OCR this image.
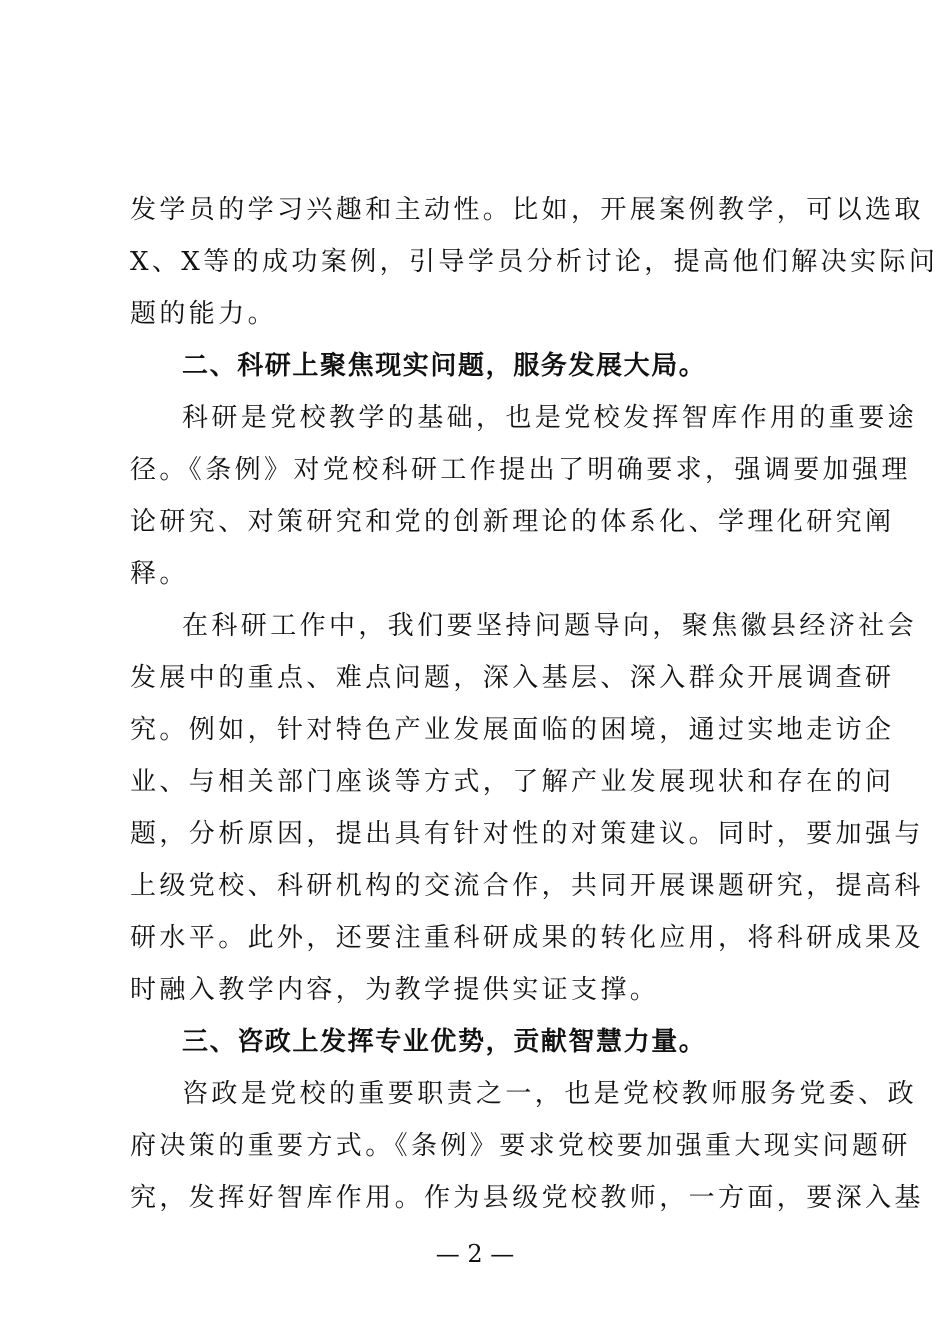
发学员的学习兴趣和主动性。比如，开展案例教学，可以选取
X、X等的成功案例，引导学员分析讨论，提高他们解决实际问
题的能力。
二、科研上聚焦现实问题，服务发展大局。
科研是党校教学的基础，也是党校发挥智库作用的重要途
径。《条例》对党校科研工作提出了明确要求，强调要加强理
论研究、对策研究和党的创新理论的体系化、学理化研究阐
释。
在科研工作中，我们要坚持问题导向，聚焦徽县经济社会
发展中的重点、难点问题，深入基层、深入群众开展调查研
究。例如，针对特色产业发展面临的困境，通过实地走访企
业、与相关部门座谈等方式，了解产业发展现状和存在的问
题，分析原因，提出具有针对性的对策建议。同时，要加强与
上级党校、科研机构的交流合作，共同开展课题研究，提高科
研水平。此外，还要注重科研成果的转化应用，将科研成果及
时融入教学内容，为教学提供实证支撑。
三、咨政上发挥专业优势，贡献智慧力量。
咨政是党校的重要职责之一，也是党校教师服务党委、政
府决策的重要方式。《条例》要求党校要加强重大现实问题研
究，发挥好智库作用。作为县级党校教师，一方面，要深入基
— 2 —
